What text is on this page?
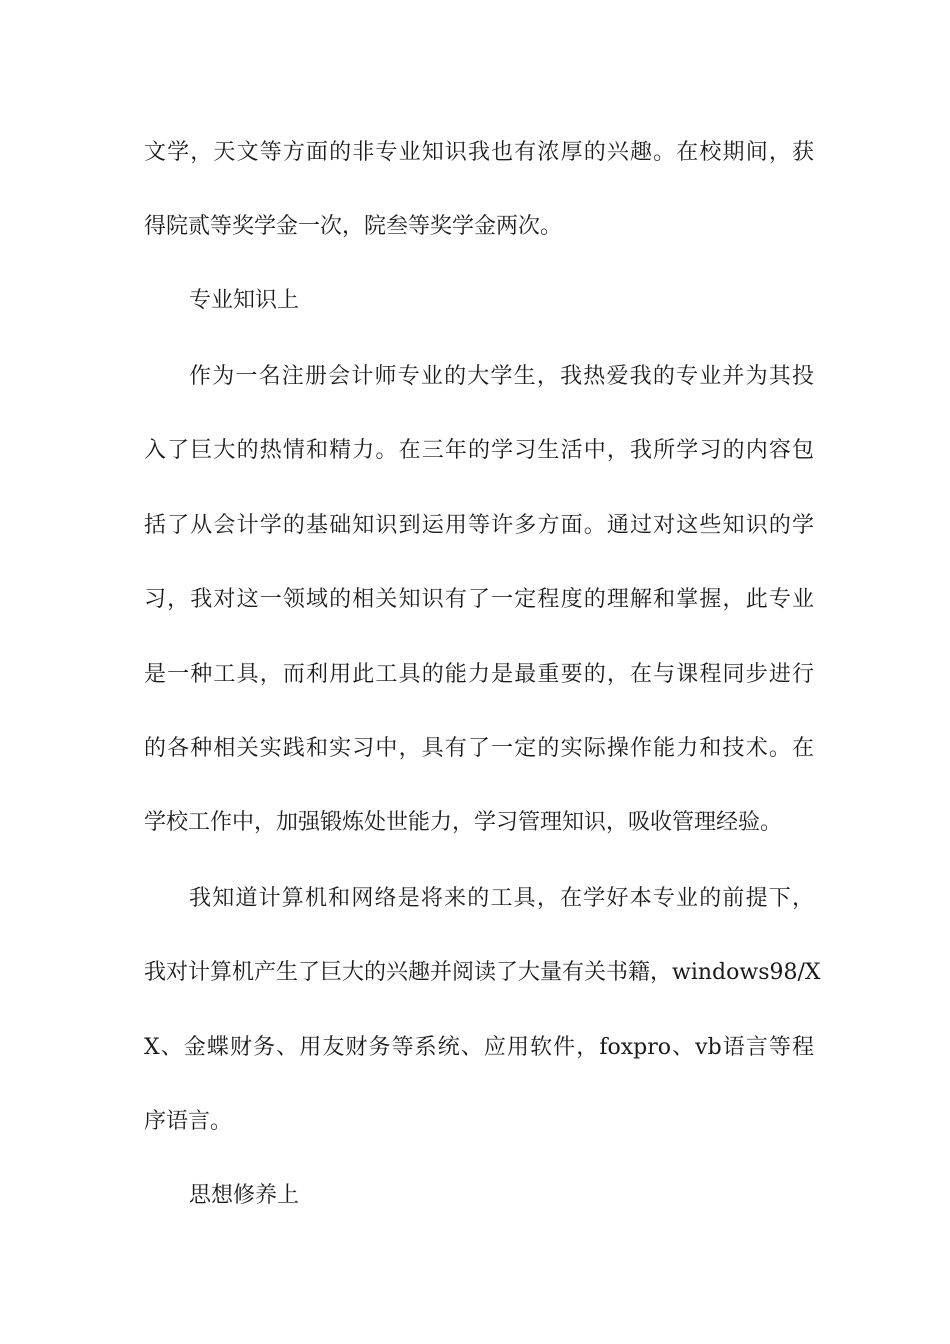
文学，天文等方面的非专业知识我也有浓厚的兴趣。在校期间，获
得院贰等奖学金一次，院叁等奖学金两次。
专业知识上
作为一名注册会计师专业的大学生，我热爱我的专业并为其投
入了巨大的热情和精力。在三年的学习生活中，我所学习的内容包
括了从会计学的基础知识到运用等许多方面。通过对这些知识的学
习，我对这一领域的相关知识有了一定程度的理解和掌握，此专业
是一种工具，而利用此工具的能力是最重要的，在与课程同步进行
的各种相关实践和实习中，具有了一定的实际操作能力和技术。在
学校工作中，加强锻炼处世能力，学习管理知识，吸收管理经验。
我知道计算机和网络是将来的工具，在学好本专业的前提下，
我对计算机产生了巨大的兴趣并阅读了大量有关书籍，windows98/X
X、金蝶财务、用友财务等系统、应用软件，foxpro、vb语言等程
序语言。
思想修养上
